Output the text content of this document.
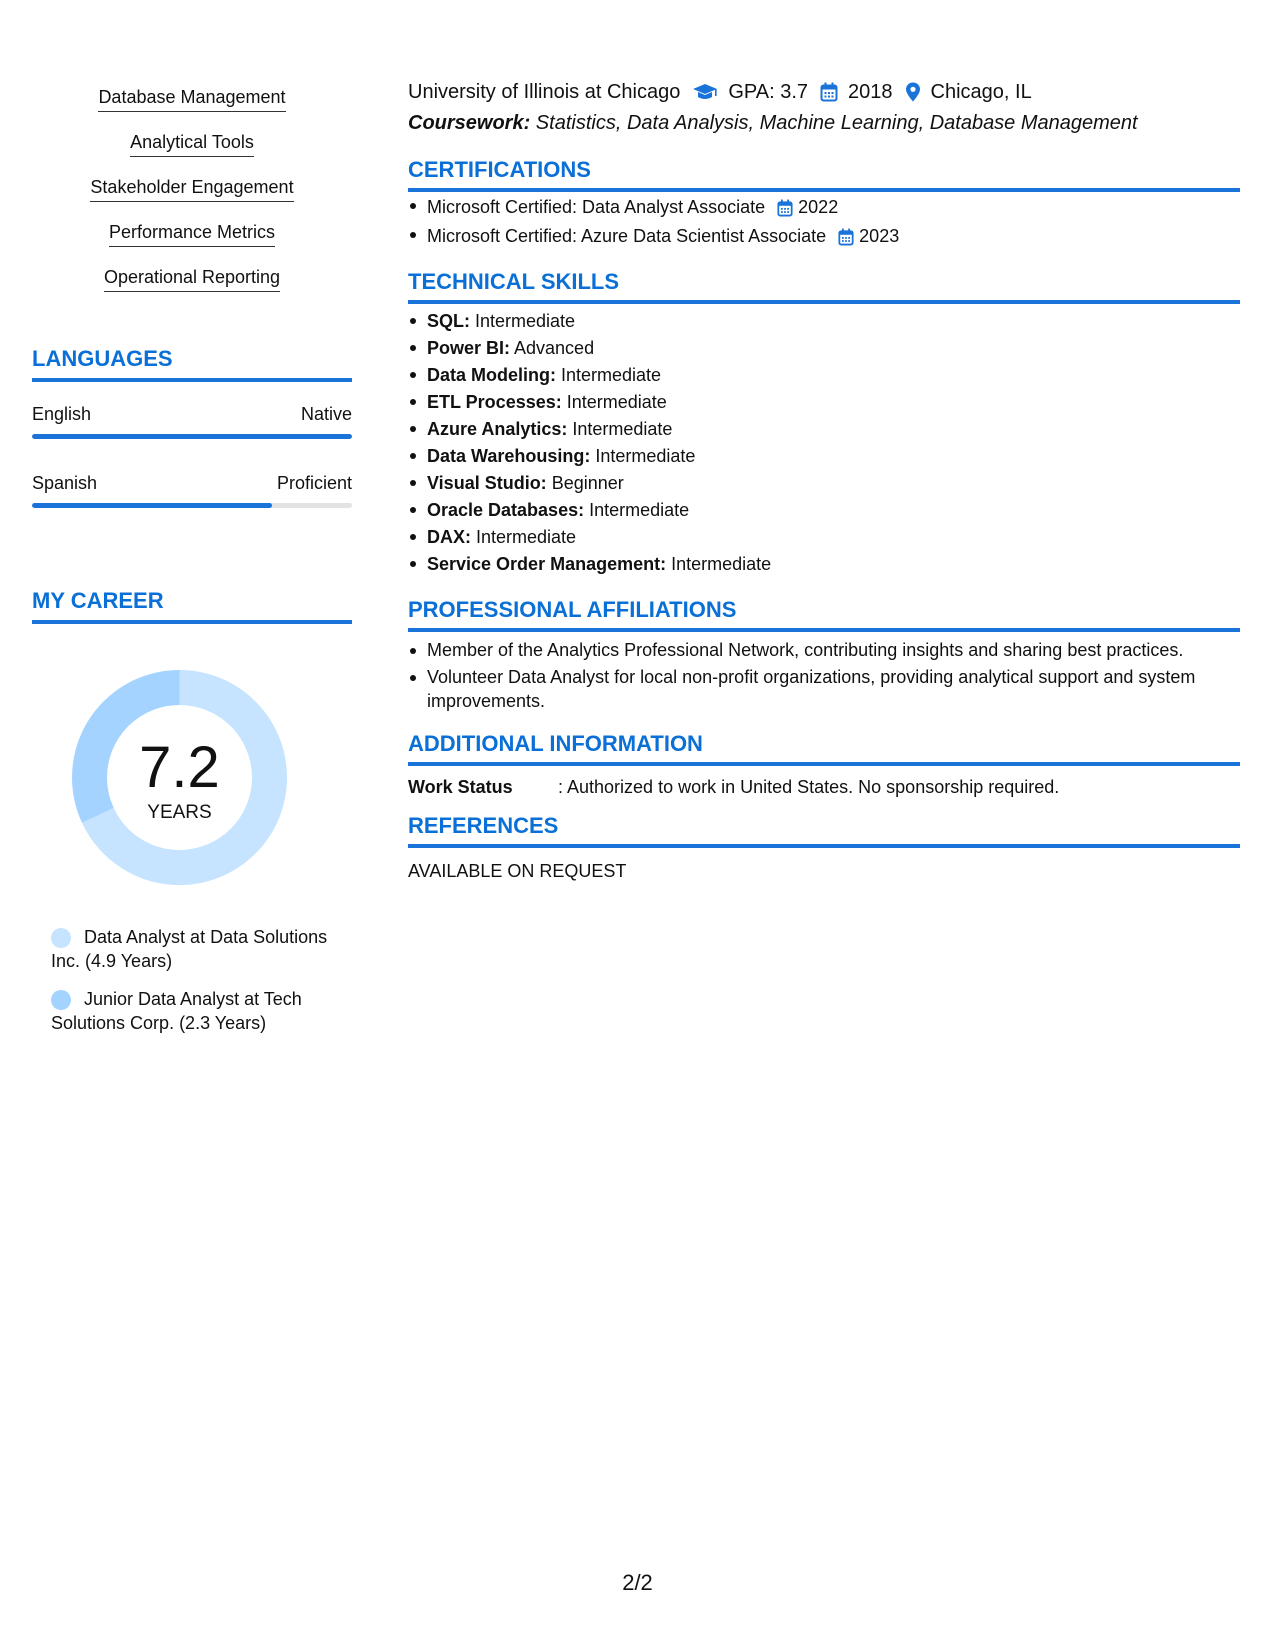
Database Management
Analytical Tools
Stakeholder Engagement
Performance Metrics
Operational Reporting
LANGUAGES
English	Native
Spanish	Proficient
MY CAREER
7.2
YEARS
Data Analyst at Data Solutions Inc. (4.9 Years)
Junior Data Analyst at Tech Solutions Corp. (2.3 Years)
University of Illinois at Chicago GPA: 3.7 2018 Chicago, IL
Coursework: Statistics, Data Analysis, Machine Learning, Database Management
CERTIFICATIONS
Microsoft Certified: Data Analyst Associate 2022
Microsoft Certified: Azure Data Scientist Associate 2023
TECHNICAL SKILLS
SQL: Intermediate
Power BI: Advanced
Data Modeling: Intermediate
ETL Processes: Intermediate
Azure Analytics: Intermediate
Data Warehousing: Intermediate
Visual Studio: Beginner
Oracle Databases: Intermediate
DAX: Intermediate
Service Order Management: Intermediate
PROFESSIONAL AFFILIATIONS
Member of the Analytics Professional Network, contributing insights and sharing best practices.
Volunteer Data Analyst for local non-profit organizations, providing analytical support and system improvements.
ADDITIONAL INFORMATION
Work Status	: Authorized to work in United States. No sponsorship required.
REFERENCES
AVAILABLE ON REQUEST
2/2
